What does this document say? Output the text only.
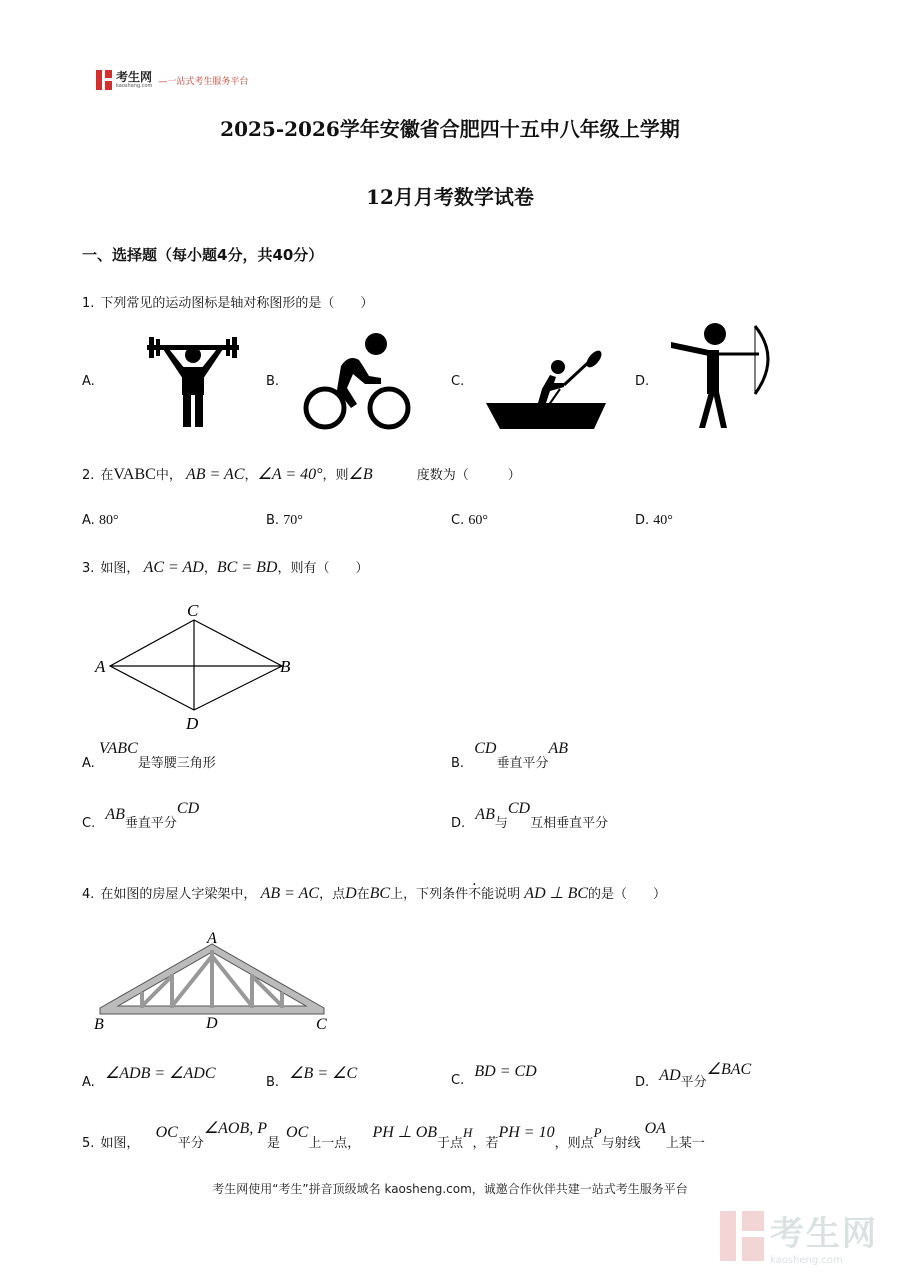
考生网
kaosheng.com —一站式考生服务平台
2025-2026学年安徽省合肥四十五中八年级上学期
12月月考数学试卷
一、选择题（每小题4分，共40分）
1. 下列常见的运动图标是轴对称图形的是（　　）
A.	B.	C.	D.
2. 在VABC中， AB = AC，∠A = 40°，则∠B	度数为（　　　）
A. 80°	B. 70°	C. 60°	D. 40°
3. 如图， AC = AD，BC = BD，则有（　　）
C
A	B
D
A. VABC是等腰三角形	B. CD垂直平分AB
C. AB垂直平分CD
D. AB与CD互相垂直平分
4. 在如图的房屋人字梁架中， AB = AC，点D在BC上，下列条件不能说明 AD ⊥ BC的是（　　）
A
B	D	C
A. ∠ADB = ∠ADC
B. ∠B = ∠C	C. BD = CD
D. AD平分∠BAC
5. 如图， OC平分∠AOB, P是OC上一点， PH ⊥ OB于点H，若PH = 10，则点P与射线OA上某一
考生网使用“考生”拼音顶级域名 kaosheng.com，诚邀合作伙伴共建一站式考生服务平台
考生网
kaosheng.com
